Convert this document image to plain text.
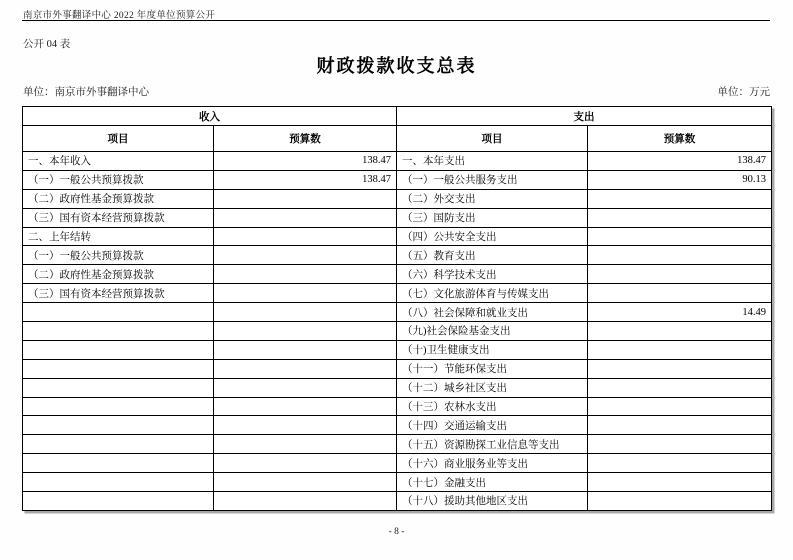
南京市外事翻译中心 2022 年度单位预算公开
公开 04 表
财政拨款收支总表
单位：南京市外事翻译中心	单位：万元
收入		支出	
项目	预算数	项目	预算数
一、本年收入	138.47	一、本年支出	138.47
（一）一般公共预算拨款	138.47	（一）一般公共服务支出	90.13
（二）政府性基金预算拨款		（二）外交支出	
（三）国有资本经营预算拨款		（三）国防支出	
二、上年结转		（四）公共安全支出	
（一）一般公共预算拨款		（五）教育支出	
（二）政府性基金预算拨款		（六）科学技术支出	
（三）国有资本经营预算拨款		（七）文化旅游体育与传媒支出	
		（八）社会保障和就业支出	14.49
		（九)社会保险基金支出	
		（十)卫生健康支出	
		（十一）节能环保支出	
		（十二）城乡社区支出	
		（十三）农林水支出	
		（十四）交通运输支出	
		（十五）资源勘探工业信息等支出	
		（十六）商业服务业等支出	
		（十七）金融支出	
		（十八）援助其他地区支出	
- 8 -
